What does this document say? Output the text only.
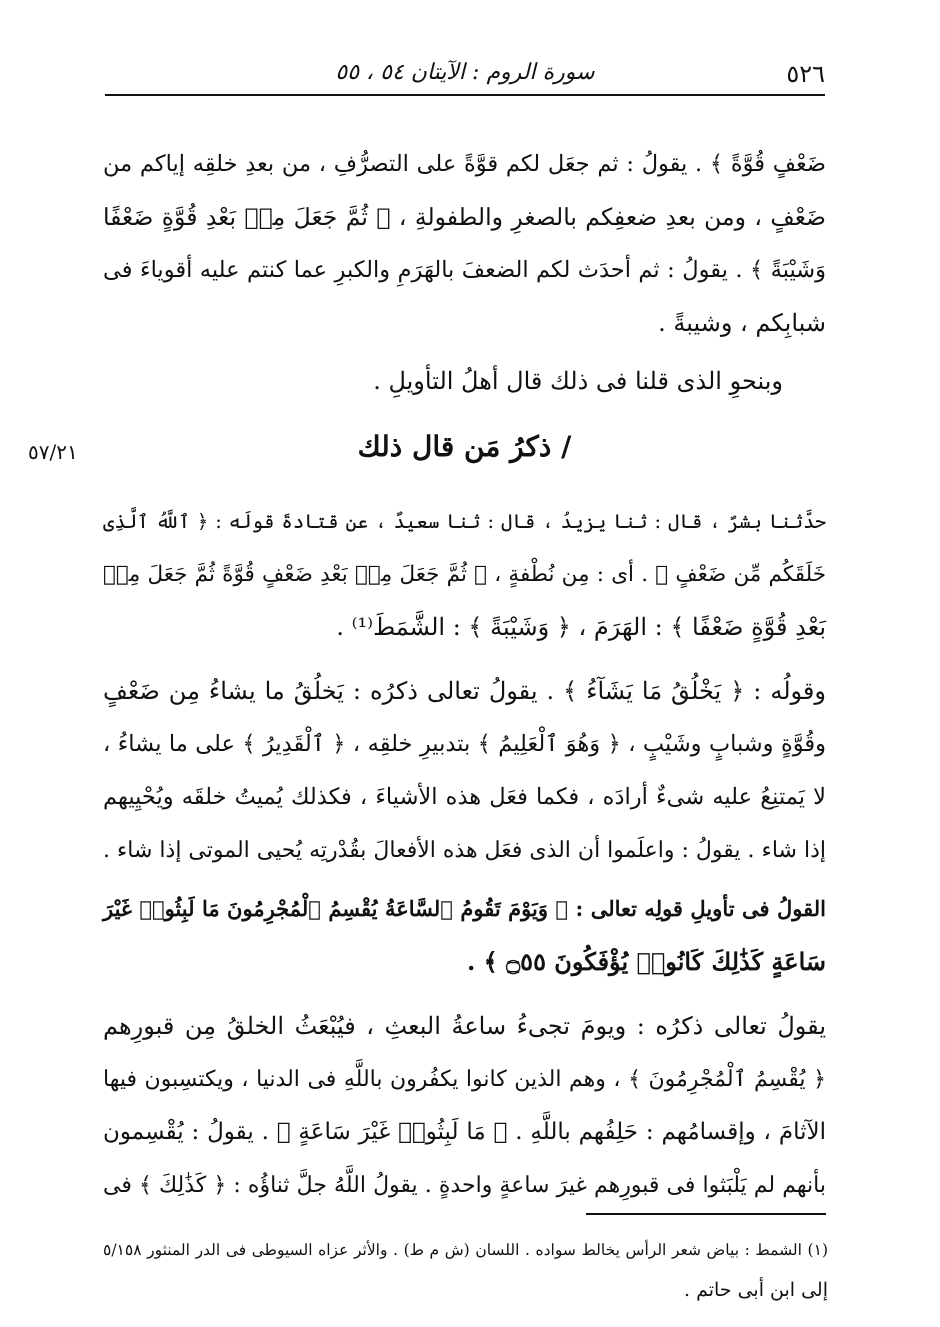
٥٢٦
سورة الروم : الآيتان ٥٤ ، ٥٥
٥٧/٢١
ضَعْفٍ قُوَّةً ﴾ . يقولُ : ثم جعَل لكم قوَّةً على التصرُّفِ ، من بعدِ خلقِه إياكم من
ضَعْفٍ ، ومن بعدِ ضعفِكم بالصغرِ والطفولةِ ، ﴿ ثُمَّ جَعَلَ مِنۢ بَعْدِ قُوَّةٍ ضَعْفًا
وَشَيْبَةً ﴾ . يقولُ : ثم أحدَث لكم الضعفَ بالهَرَمِ والكبرِ عما كنتم عليه أقوياءَ فى
شبابِكم ، وشيبةً .
وبنحوِ الذى قلنا فى ذلك قال أهلُ التأويلِ .
/ ذكرُ مَن قال ذلك
حدَّثنا بشرٌ ، قال : ثنا يزيدُ ، قال : ثنا سعيدٌ ، عن قتادةَ قولَه : ﴿ ٱللَّهُ ٱلَّذِى
خَلَقَكُم مِّن ضَعْفٍ ﴾ . أى : مِن نُطْفةٍ ، ﴿ ثُمَّ جَعَلَ مِنۢ بَعْدِ ضَعْفٍ قُوَّةً ثُمَّ جَعَلَ مِنۢ
بَعْدِ قُوَّةٍ ضَعْفًا ﴾ : الهَرَمَ ، ﴿ وَشَيْبَةً ﴾ : الشَّمَطَ⁽¹⁾ .
وقولُه : ﴿ يَخْلُقُ مَا يَشَآءُ ﴾ . يقولُ تعالى ذكرُه : يَخلُقُ ما يشاءُ مِن ضَعْفٍ
وقُوَّةٍ وشبابٍ وشَيْبٍ ، ﴿ وَهُوَ ٱلْعَلِيمُ ﴾ بتدبيرِ خلقِه ، ﴿ ٱلْقَدِيرُ ﴾ على ما يشاءُ ،
لا يَمتنِعُ عليه شىءٌ أرادَه ، فكما فعَل هذه الأشياءَ ، فكذلك يُميتُ خلقَه ويُحْيِيهم
إذا شاء . يقولُ : واعلَموا أن الذى فعَل هذه الأفعالَ بقُدْرتِه يُحيى الموتى إذا شاء .
القولُ فى تأويلِ قولِه تعالى : ﴿ وَيَوْمَ تَقُومُ ٱلسَّاعَةُ يُقْسِمُ ٱلْمُجْرِمُونَ مَا لَبِثُوا۟ غَيْرَ
سَاعَةٍ كَذَٰلِكَ كَانُوا۟ يُؤْفَكُونَ ۝٥٥ ﴾ .
يقولُ تعالى ذكرُه : ويومَ تجىءُ ساعةُ البعثِ ، فيُبْعَثُ الخلقُ مِن قبورِهم
﴿ يُقْسِمُ ٱلْمُجْرِمُونَ ﴾ ، وهم الذين كانوا يكفُرون باللَّهِ فى الدنيا ، ويكتسِبون فيها
الآثامَ ، وإقسامُهم : حَلِفُهم باللَّهِ . ﴿ مَا لَبِثُوا۟ غَيْرَ سَاعَةٍ ﴾ . يقولُ : يُقْسِمون
بأنهم لم يَلْبَثوا فى قبورِهم غيرَ ساعةٍ واحدةٍ . يقولُ اللَّهُ جلَّ ثناؤُه : ﴿ كَذَٰلِكَ ﴾ فى
(١) الشمط : بياض شعر الرأس يخالط سواده . اللسان (ش م ط) . والأثر عزاه السيوطى فى الدر المنثور ٥/١٥٨
إلى ابن أبى حاتم .
